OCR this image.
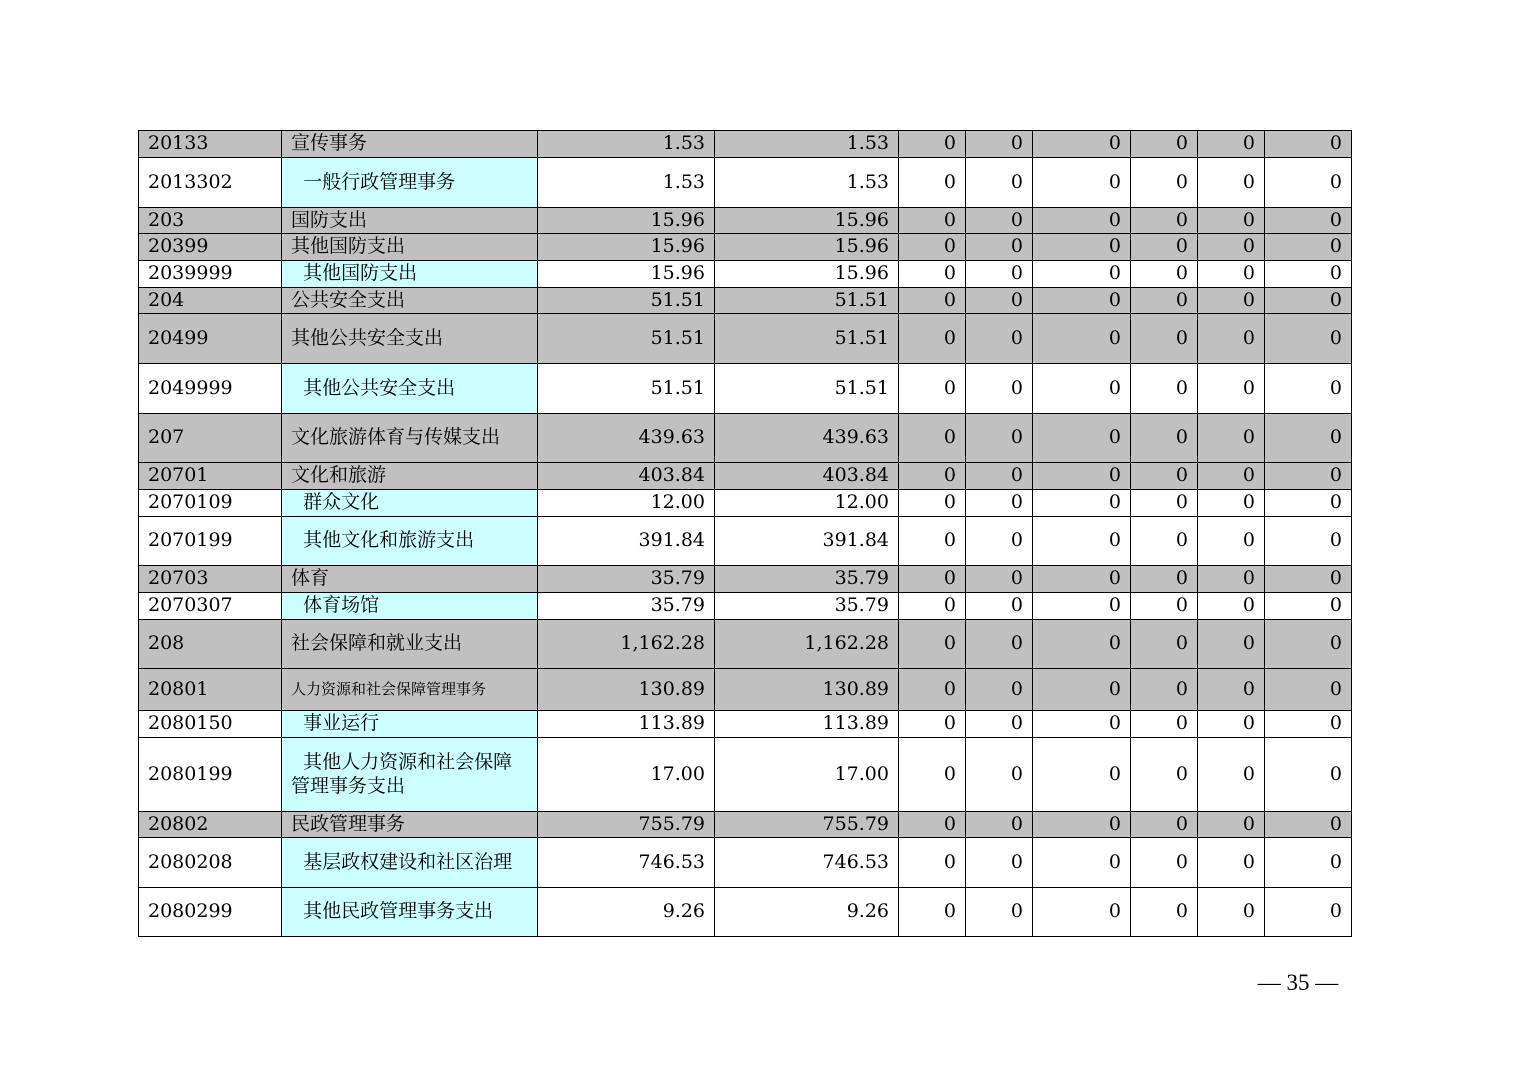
20133	宣传事务	1.53	1.53	0	0	0	0	0	0
2013302	一般行政管理事务	1.53	1.53	0	0	0	0	0	0
203	国防支出	15.96	15.96	0	0	0	0	0	0
20399	其他国防支出	15.96	15.96	0	0	0	0	0	0
2039999	其他国防支出	15.96	15.96	0	0	0	0	0	0
204	公共安全支出	51.51	51.51	0	0	0	0	0	0
20499	其他公共安全支出	51.51	51.51	0	0	0	0	0	0
2049999	其他公共安全支出	51.51	51.51	0	0	0	0	0	0
207	文化旅游体育与传媒支出	439.63	439.63	0	0	0	0	0	0
20701	文化和旅游	403.84	403.84	0	0	0	0	0	0
2070109	群众文化	12.00	12.00	0	0	0	0	0	0
2070199	其他文化和旅游支出	391.84	391.84	0	0	0	0	0	0
20703	体育	35.79	35.79	0	0	0	0	0	0
2070307	体育场馆	35.79	35.79	0	0	0	0	0	0
208	社会保障和就业支出	1,162.28	1,162.28	0	0	0	0	0	0
20801	人力资源和社会保障管理事务	130.89	130.89	0	0	0	0	0	0
2080150	事业运行	113.89	113.89	0	0	0	0	0	0
2080199	其他人力资源和社会保障
管理事务支出	17.00	17.00	0	0	0	0	0	0
20802	民政管理事务	755.79	755.79	0	0	0	0	0	0
2080208	基层政权建设和社区治理	746.53	746.53	0	0	0	0	0	0
2080299	其他民政管理事务支出	9.26	9.26	0	0	0	0	0	0
— 35 —
